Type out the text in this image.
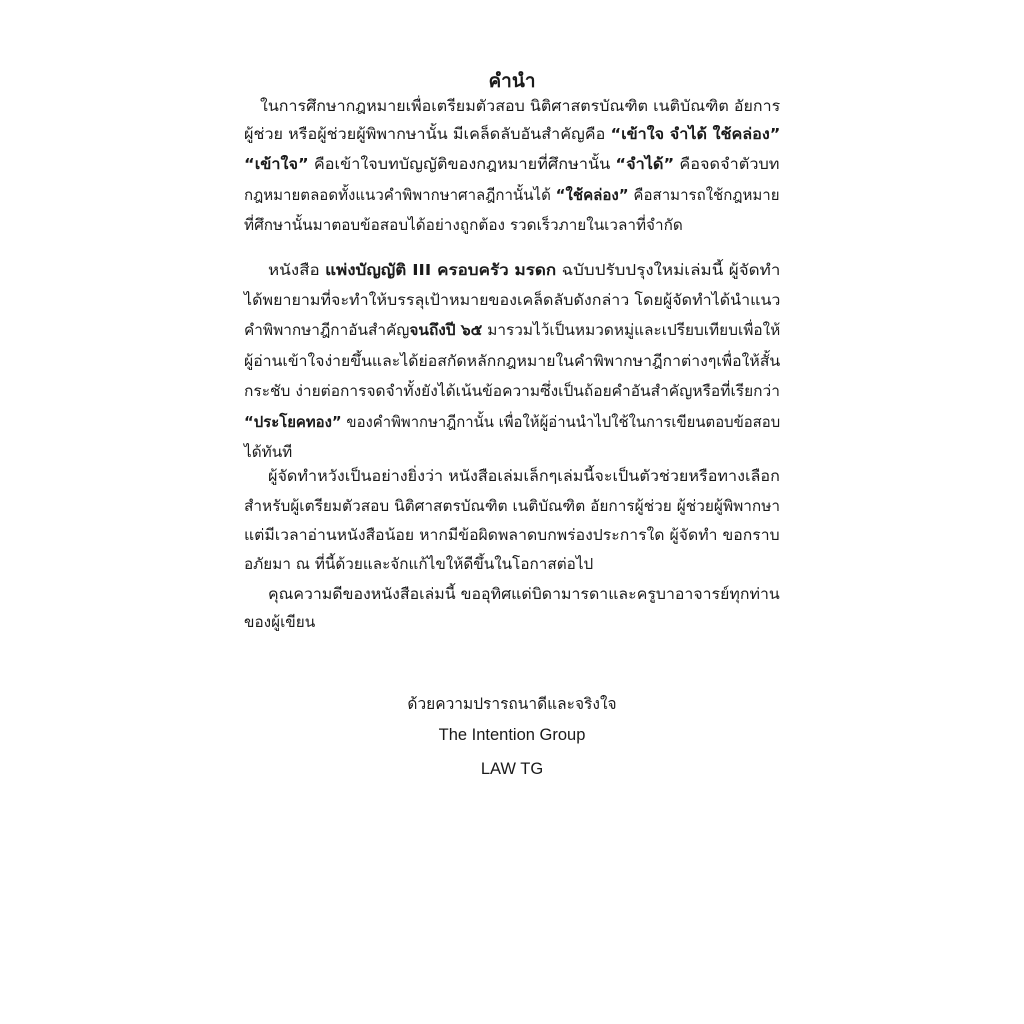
คำนำ
ในการศึกษากฎหมายเพื่อเตรียมตัวสอบ นิติศาสตรบัณฑิต เนติบัณฑิต อัยการ
ผู้ช่วย หรือผู้ช่วยผู้พิพากษานั้น มีเคล็ดลับอันสำคัญคือ “เข้าใจ จำได้ ใช้คล่อง”
“เข้าใจ” คือเข้าใจบทบัญญัติของกฎหมายที่ศึกษานั้น “จำได้” คือจดจำตัวบท
กฎหมายตลอดทั้งแนวคำพิพากษาศาลฎีกานั้นได้ “ใช้คล่อง” คือสามารถใช้กฎหมาย
ที่ศึกษานั้นมาตอบข้อสอบได้อย่างถูกต้อง รวดเร็วภายในเวลาที่จำกัด
หนังสือ แพ่งบัญญัติ III ครอบครัว มรดก ฉบับปรับปรุงใหม่เล่มนี้ ผู้จัดทำ
ได้พยายามที่จะทำให้บรรลุเป้าหมายของเคล็ดลับดังกล่าว โดยผู้จัดทำได้นำแนว
คำพิพากษาฎีกาอันสำคัญจนถึงปี ๖๕ มารวมไว้เป็นหมวดหมู่และเปรียบเทียบเพื่อให้
ผู้อ่านเข้าใจง่ายขึ้นและได้ย่อสกัดหลักกฎหมายในคำพิพากษาฎีกาต่างๆเพื่อให้สั้น
กระชับ ง่ายต่อการจดจำทั้งยังได้เน้นข้อความซึ่งเป็นถ้อยคำอันสำคัญหรือที่เรียกว่า
“ประโยคทอง” ของคำพิพากษาฎีกานั้น เพื่อให้ผู้อ่านนำไปใช้ในการเขียนตอบข้อสอบ
ได้ทันที
ผู้จัดทำหวังเป็นอย่างยิ่งว่า หนังสือเล่มเล็กๆเล่มนี้จะเป็นตัวช่วยหรือทางเลือก
สำหรับผู้เตรียมตัวสอบ นิติศาสตรบัณฑิต เนติบัณฑิต อัยการผู้ช่วย ผู้ช่วยผู้พิพากษา
แต่มีเวลาอ่านหนังสือน้อย หากมีข้อผิดพลาดบกพร่องประการใด ผู้จัดทำ ขอกราบ
อภัยมา ณ ที่นี้ด้วยและจักแก้ไขให้ดีขึ้นในโอกาสต่อไป
คุณความดีของหนังสือเล่มนี้ ขออุทิศแด่บิดามารดาและครูบาอาจารย์ทุกท่าน
ของผู้เขียน
ด้วยความปรารถนาดีและจริงใจ
The Intention Group
LAW TG
